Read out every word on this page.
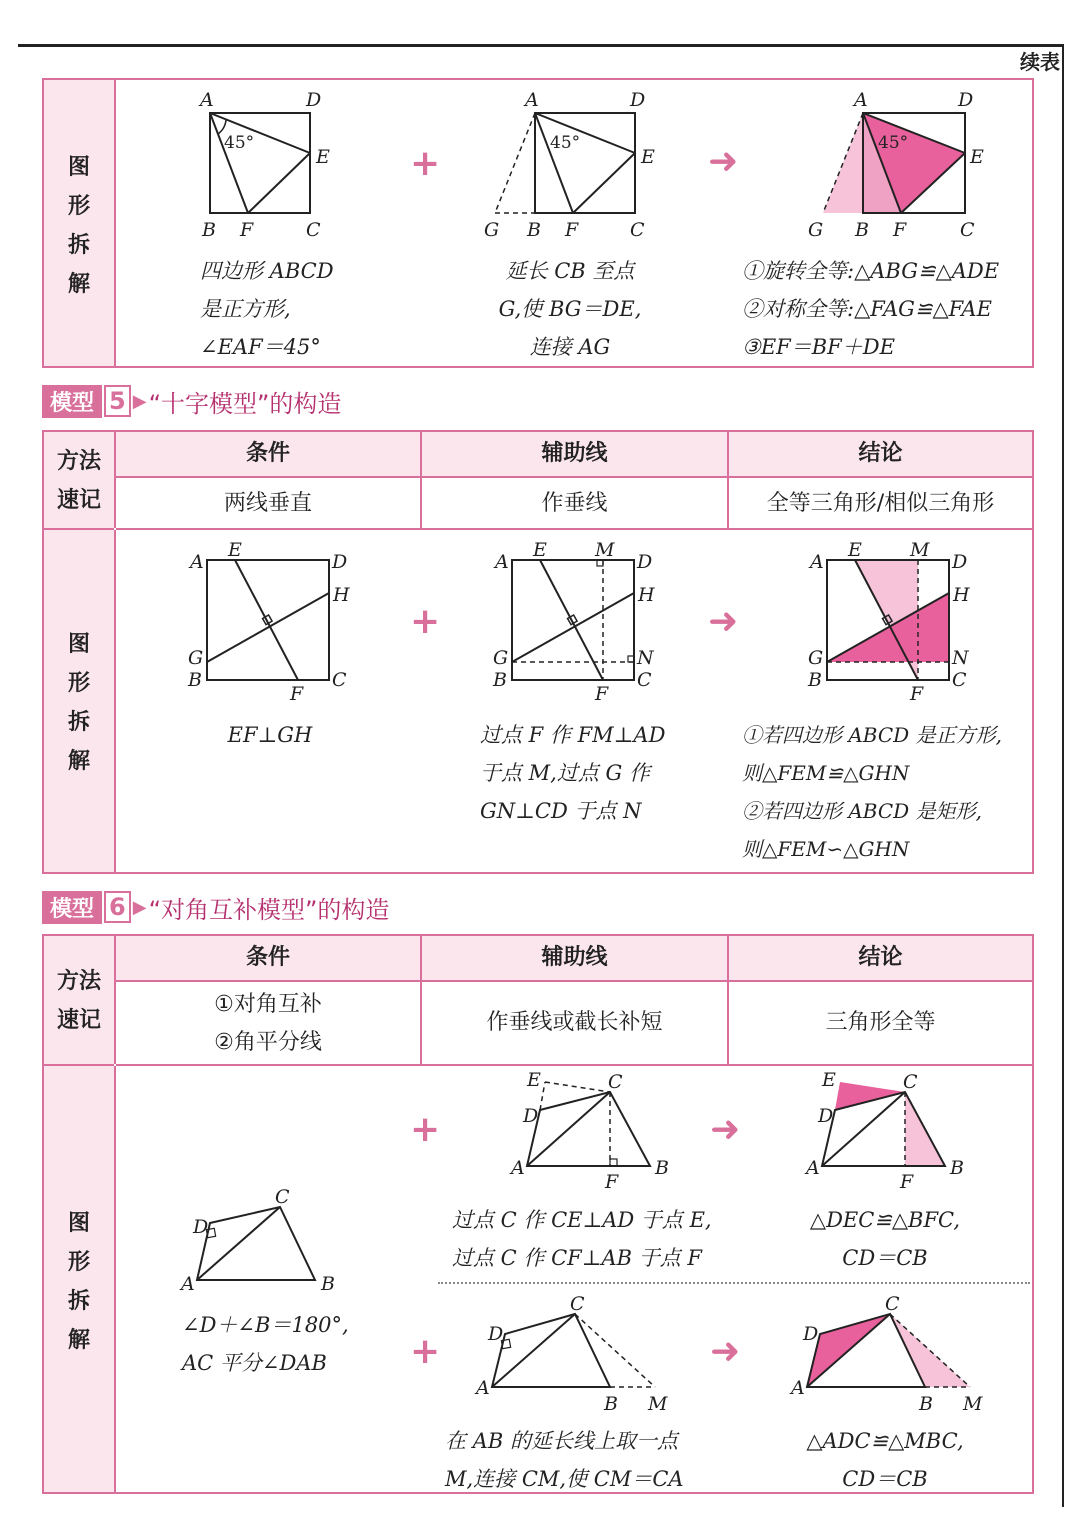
续表
图
形
拆
解
A	D
E
B F	C
45°	+
A	D
E
G B F	C
45°	➜
A	D
E
G B F	C
45°
四边形 ABCD
是正方形,
∠EAF＝45°
延长 CB 至点
G,使 BG＝DE,
连接 AG
①旋转全等:△ABG≌△ADE
②对称全等:△FAG≌△FAE
③EF＝BF＋DE
模型 5 ▶ “十字模型”的构造
方法
速记
图
形
拆
解
条件	辅助线	结论
两线垂直	作垂线	全等三角形/相似三角形
A
E
D
H
G
B
F
C
+
A
E	M
D
H
G	N
B
F
C
➜
A
E	M
D
H
G	N
B
F
C
EF⊥GH	过点 F 作 FM⊥AD
于点 M,过点 G 作
GN⊥CD 于点 N
①若四边形 ABCD 是正方形,
则△FEM≌△GHN
②若四边形 ABCD 是矩形,
则△FEM∽△GHN
模型 6 ▶ “对角互补模型”的构造
方法
速记
图
形
拆
解
条件	辅助线	结论
①对角互补
②角平分线
作垂线或截长补短	三角形全等
A
D
C
B
∠D＋∠B＝180°,
AC 平分∠DAB
+
A
D
E	C
B
F
➜
A
D
E	C
B
F
过点 C 作 CE⊥AD 于点 E,
过点 C 作 CF⊥AB 于点 F
△DEC≌△BFC,
CD＝CB
+
A
D
C
B M
➜
A
D
C
B M
在 AB 的延长线上取一点
M,连接 CM,使 CM＝CA
△ADC≌△MBC,
CD＝CB
